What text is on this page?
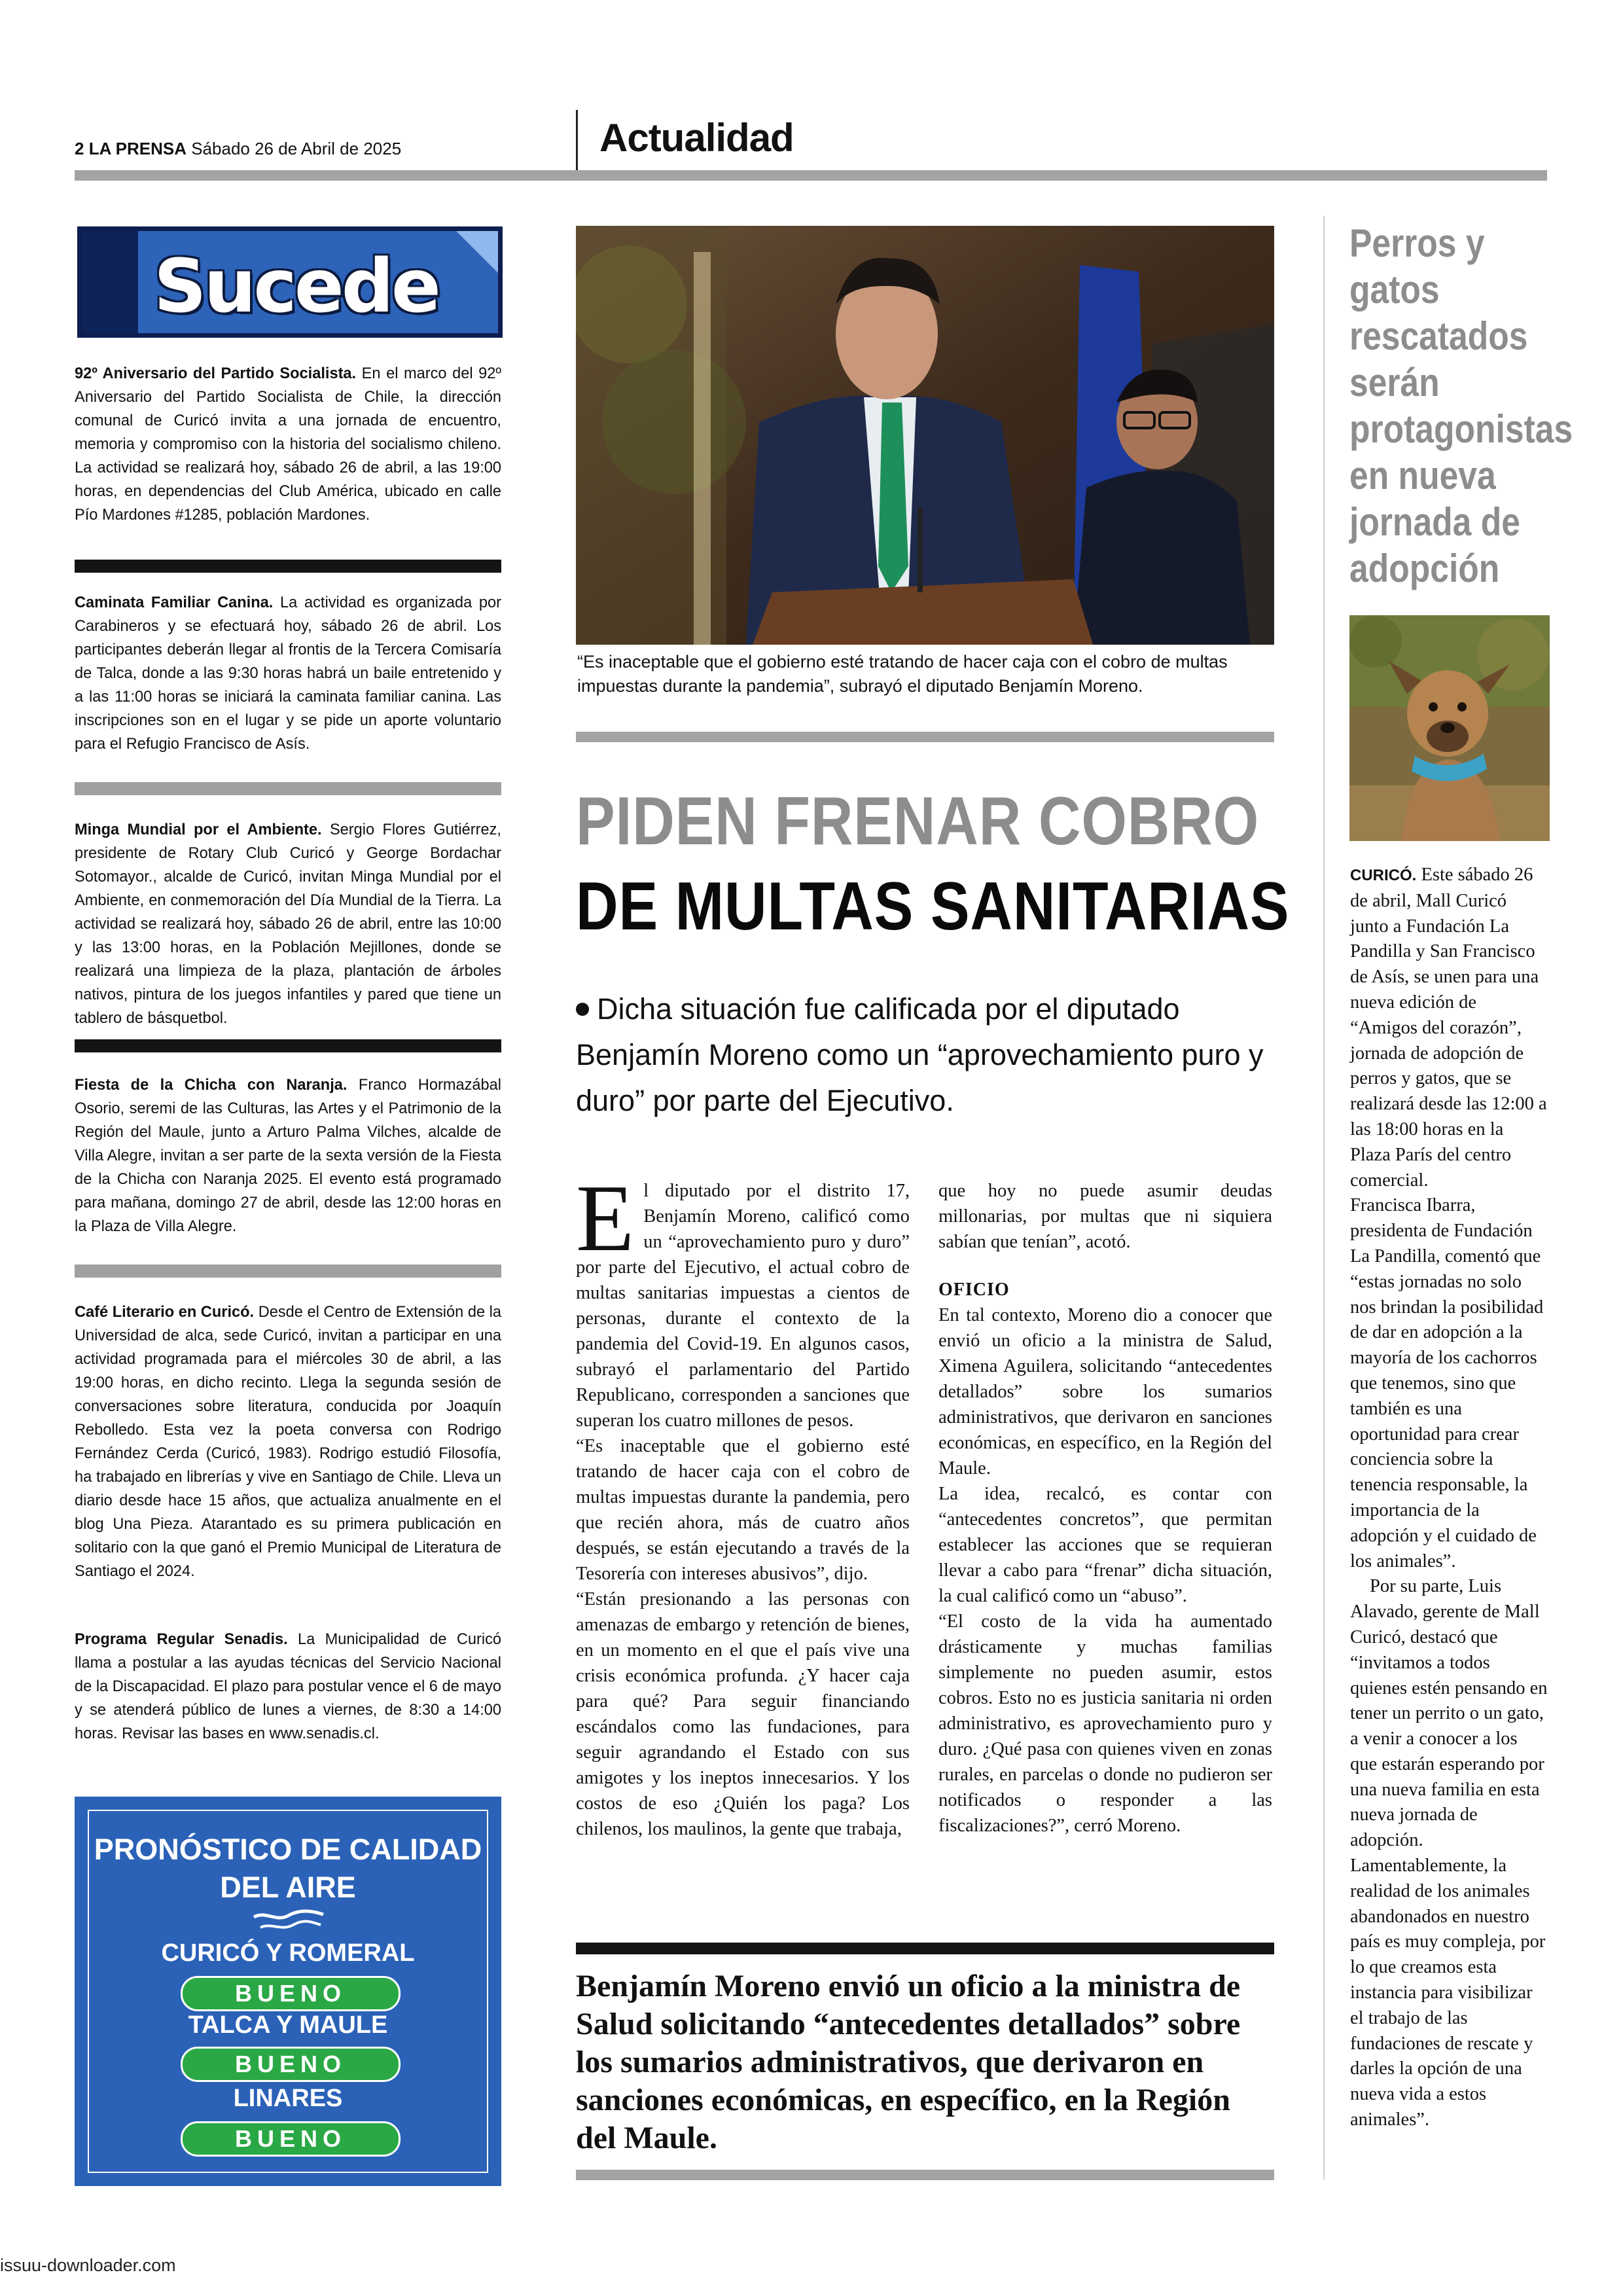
2 LA PRENSA Sábado 26 de Abril de 2025	Actualidad
Sucede
92º Aniversario del Partido Socialista. En el marco del 92º Aniversario del Partido Socialista de Chile, la dirección comunal de Curicó invita a una jornada de encuentro, memoria y compromiso con la historia del socialismo chileno. La actividad se realizará hoy, sábado 26 de abril, a las 19:00 horas, en dependencias del Club América, ubicado en calle Pío Mardones #1285, población Mardones.
Caminata Familiar Canina. La actividad es organizada por Carabineros y se efectuará hoy, sábado 26 de abril. Los participantes deberán llegar al frontis de la Tercera Comisaría de Talca, donde a las 9:30 horas habrá un baile entretenido y a las 11:00 horas se iniciará la caminata familiar canina. Las inscripciones son en el lugar y se pide un aporte voluntario para el Refugio Francisco de Asís.
Minga Mundial por el Ambiente. Sergio Flores Gutiérrez, presidente de Rotary Club Curicó y George Bordachar Sotomayor., alcalde de Curicó, invitan Minga Mundial por el Ambiente, en conmemoración del Día Mundial de la Tierra. La actividad se realizará hoy, sábado 26 de abril, entre las 10:00 y las 13:00 horas, en la Población Mejillones, donde se realizará una limpieza de la plaza, plantación de árboles nativos, pintura de los juegos infantiles y pared que tiene un tablero de básquetbol.
Fiesta de la Chicha con Naranja. Franco Hormazábal Osorio, seremi de las Culturas, las Artes y el Patrimonio de la Región del Maule, junto a Arturo Palma Vilches, alcalde de Villa Alegre, invitan a ser parte de la sexta versión de la Fiesta de la Chicha con Naranja 2025. El evento está programado para mañana, domingo 27 de abril, desde las 12:00 horas en la Plaza de Villa Alegre.
Café Literario en Curicó. Desde el Centro de Extensión de la Universidad de alca, sede Curicó, invitan a participar en una actividad programada para el miércoles 30 de abril, a las 19:00 horas, en dicho recinto. Llega la segunda sesión de conversaciones sobre literatura, conducida por Joaquín Rebolledo. Esta vez la poeta conversa con Rodrigo Fernández Cerda (Curicó, 1983). Rodrigo estudió Filosofía, ha trabajado en librerías y vive en Santiago de Chile. Lleva un diario desde hace 15 años, que actualiza anualmente en el blog Una Pieza. Atarantado es su primera publicación en solitario con la que ganó el Premio Municipal de Literatura de Santiago el 2024.
Programa Regular Senadis. La Municipalidad de Curicó llama a postular a las ayudas técnicas del Servicio Nacional de la Discapacidad. El plazo para postular vence el 6 de mayo y se atenderá público de lunes a viernes, de 8:30 a 14:00 horas. Revisar las bases en www.senadis.cl.
PRONÓSTICO DE CALIDAD DEL AIRE
CURICÓ Y ROMERAL
BUENO
TALCA Y MAULE
BUENO
LINARES
BUENO
“Es inaceptable que el gobierno esté tratando de hacer caja con el cobro de multas impuestas durante la pandemia”, subrayó el diputado Benjamín Moreno.
PIDEN FRENAR COBRO
DE MULTAS SANITARIAS
Dicha situación fue calificada por el diputado Benjamín Moreno como un “aprovechamiento puro y duro” por parte del Ejecutivo.

E l diputado por el distrito 17, Benjamín Moreno, calificó como un “aprovechamiento puro y duro” por parte del Ejecutivo, el actual cobro de multas sanitarias impuestas a cientos de personas, durante el contexto de la pandemia del Covid-19. En algunos casos, subrayó el parlamentario del Partido Republicano, corresponden a sanciones que superan los cuatro millones de pesos.

“Es inaceptable que el gobierno esté tratando de hacer caja con el cobro de multas impuestas durante la pandemia, pero que recién ahora, más de cuatro años después, se están ejecutando a través de la Tesorería con intereses abusivos”, dijo.

“Están presionando a las personas con amenazas de embargo y retención de bienes, en un momento en el que el país vive una crisis económica profunda. ¿Y hacer caja para qué? Para seguir financiando escándalos como las fundaciones, para seguir agrandando el Estado con sus amigotes y los ineptos innecesarios. Y los costos de eso ¿Quién los paga? Los chilenos, los maulinos, la gente que trabaja,

que hoy no puede asumir deudas millonarias, por multas que ni siquiera sabían que tenían”, acotó.

OFICIO

En tal contexto, Moreno dio a conocer que envió un oficio a la ministra de Salud, Ximena Aguilera, solicitando “antecedentes detallados” sobre los sumarios administrativos, que derivaron en sanciones económicas, en específico, en la Región del Maule.

La idea, recalcó, es contar con “antecedentes concretos”, que permitan establecer las acciones que se requieran llevar a cabo para “frenar” dicha situación, la cual calificó como un “abuso”.

“El costo de la vida ha aumentado drásticamente y muchas familias simplemente no pueden asumir, estos cobros. Esto no es justicia sanitaria ni orden administrativo, es aprovechamiento puro y duro. ¿Qué pasa con quienes viven en zonas rurales, en parcelas o donde no pudieron ser notificados o responder a las fiscalizaciones?”, cerró Moreno.

Benjamín Moreno envió un oficio a la ministra de Salud solicitando “antecedentes detallados” sobre los sumarios administrativos, que derivaron en sanciones económicas, en específico, en la Región del Maule.
Perros y gatos rescatados serán protagonistas en nueva jornada de adopción

CURICÓ. Este sábado 26 de abril, Mall Curicó junto a Fundación La Pandilla y San Francisco de Asís, se unen para una nueva edición de “Amigos del corazón”, jornada de adopción de perros y gatos, que se realizará desde las 12:00 a las 18:00 horas en la Plaza París del centro comercial.

Francisca Ibarra, presidenta de Fundación La Pandilla, comentó que “estas jornadas no solo nos brindan la posibilidad de dar en adopción a la mayoría de los cachorros que tenemos, sino que también es una oportunidad para crear conciencia sobre la tenencia responsable, la importancia de la adopción y el cuidado de los animales”.

Por su parte, Luis Alavado, gerente de Mall Curicó, destacó que “invitamos a todos quienes estén pensando en tener un perrito o un gato, a venir a conocer a los que estarán esperando por una nueva familia en esta nueva jornada de adopción.

Lamentablemente, la realidad de los animales abandonados en nuestro país es muy compleja, por lo que creamos esta instancia para visibilizar el trabajo de las fundaciones de rescate y darles la opción de una nueva vida a estos animales”.

issuu-downloader.com
